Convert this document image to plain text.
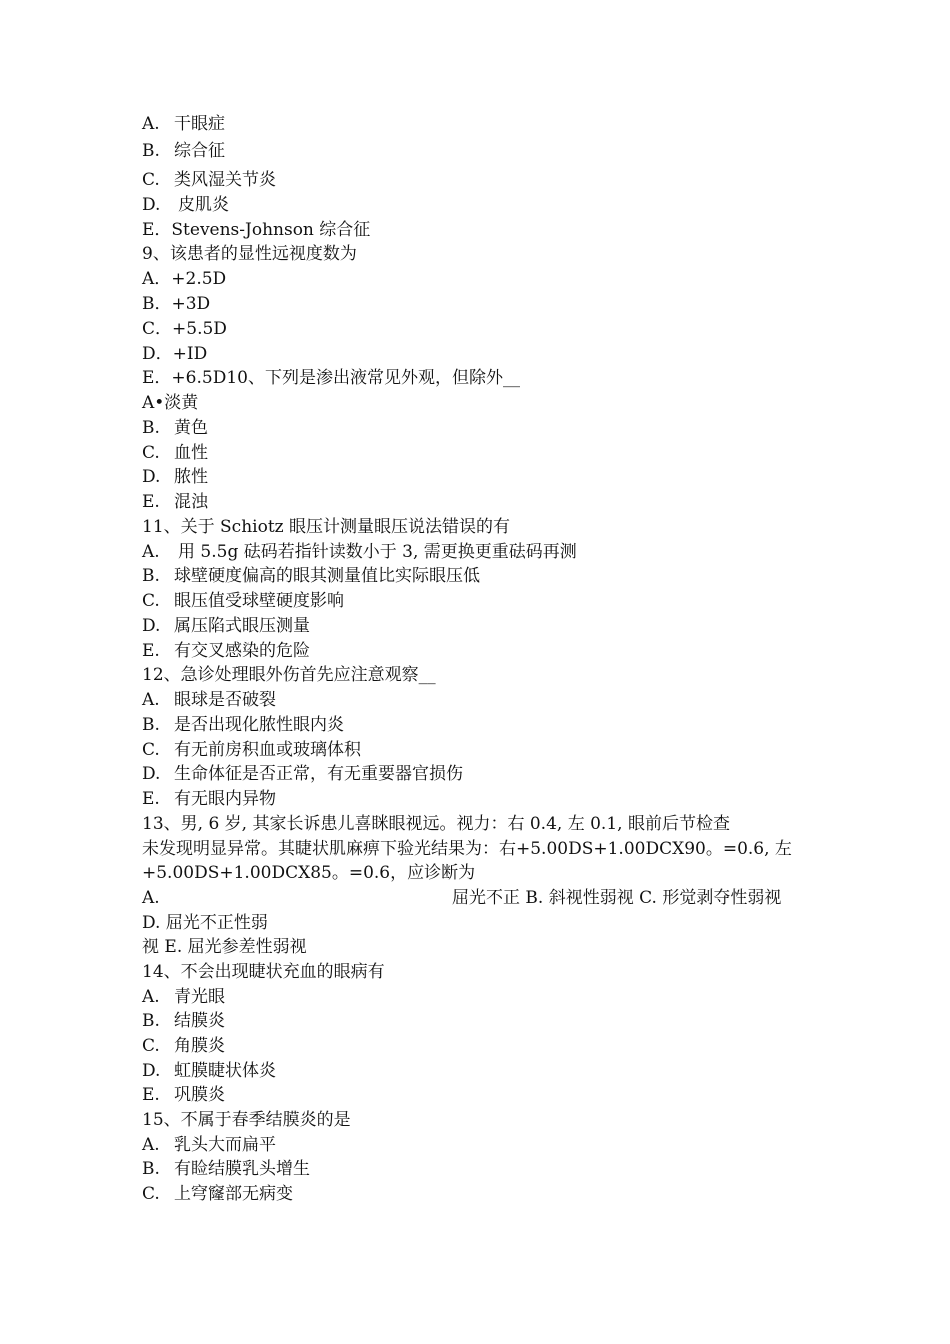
A. 干眼症
B. 综合征
C. 类风湿关节炎
D. 皮肌炎
E．Stevens-Johnson 综合征
9、该患者的显性远视度数为
A．+2.5D
B．+3D
C．+5.5D
D．+ID
E．+6.5D10、下列是渗出液常见外观，但除外__
A•淡黄
B. 黄色
C. 血性
D. 脓性
E. 混浊
11、关于 Schiotz 眼压计测量眼压说法错误的有
A. 用 5.5g 砝码若指针读数小于 3, 需更换更重砝码再测
B. 球壁硬度偏高的眼其测量值比实际眼压低
C. 眼压值受球壁硬度影响
D. 属压陷式眼压测量
E. 有交叉感染的危险
12、急诊处理眼外伤首先应注意观察__
A. 眼球是否破裂
B. 是否出现化脓性眼内炎
C. 有无前房积血或玻璃体积
D. 生命体征是否正常，有无重要器官损伤
E. 有无眼内异物
13、男, 6 岁, 其家长诉患儿喜眯眼视远。视力：右 0.4, 左 0.1, 眼前后节检查
未发现明显异常。其睫状肌麻痹下验光结果为：右+5.00DS+1.00DCX90。=0.6, 左
+5.00DS+1.00DCX85。=0.6，应诊断为
A.	屈光不正 B. 斜视性弱视 C. 形觉剥夺性弱视
D. 屈光不正性弱
视 E. 屈光参差性弱视
14、不会出现睫状充血的眼病有
A. 青光眼
B. 结膜炎
C. 角膜炎
D. 虹膜睫状体炎
E. 巩膜炎
15、不属于春季结膜炎的是
A. 乳头大而扁平
B. 有睑结膜乳头增生
C. 上穹窿部无病变
